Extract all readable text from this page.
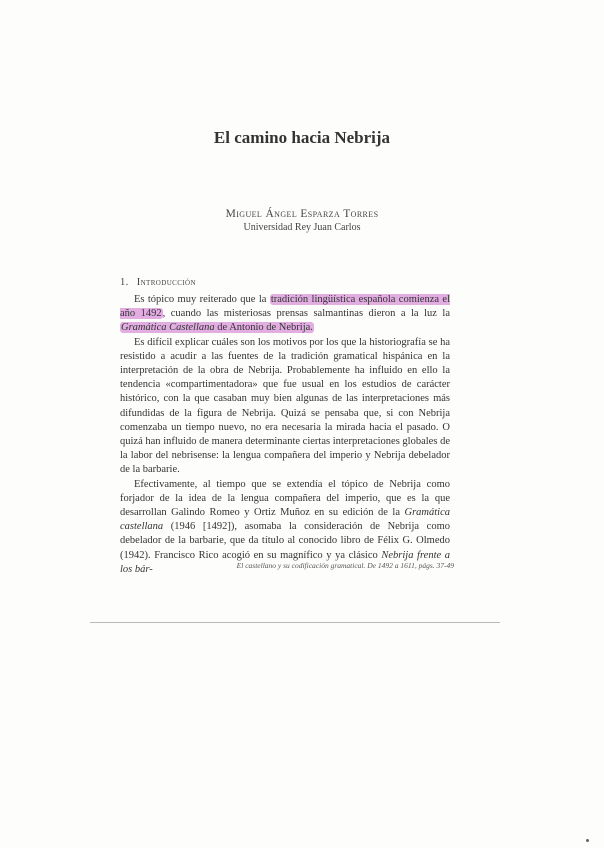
El camino hacia Nebrija
Miguel Ángel Esparza Torres
Universidad Rey Juan Carlos
1. Introducción

Es tópico muy reiterado que la tradición lingüística española comienza el año 1492, cuando las misteriosas prensas salmantinas dieron a la luz la Gramática Castellana de Antonio de Nebrija.

Es difícil explicar cuáles son los motivos por los que la historiografía se ha resistido a acudir a las fuentes de la tradición gramatical hispánica en la interpretación de la obra de Nebrija. Probablemente ha influido en ello la tendencia «compartimentadora» que fue usual en los estudios de carácter histórico, con la que casaban muy bien algunas de las interpretaciones más difundidas de la figura de Nebrija. Quizá se pensaba que, si con Nebrija comenzaba un tiempo nuevo, no era necesaria la mirada hacia el pasado. O quizá han influido de manera determinante ciertas interpretaciones globales de la labor del nebrisense: la lengua compañera del imperio y Nebrija debelador de la barbarie.

Efectivamente, al tiempo que se extendía el tópico de Nebrija como forjador de la idea de la lengua compañera del imperio, que es la que desarrollan Galindo Romeo y Ortiz Muñoz en su edición de la Gramática castellana (1946 [1492]), asomaba la consideración de Nebrija como debelador de la barbarie, que da título al conocido libro de Félix G. Olmedo (1942). Francisco Rico acogió en su magnífico y ya clásico Nebrija frente a los bár-	El castellano y su codificación gramatical. De 1492 a 1611, págs. 37-49
